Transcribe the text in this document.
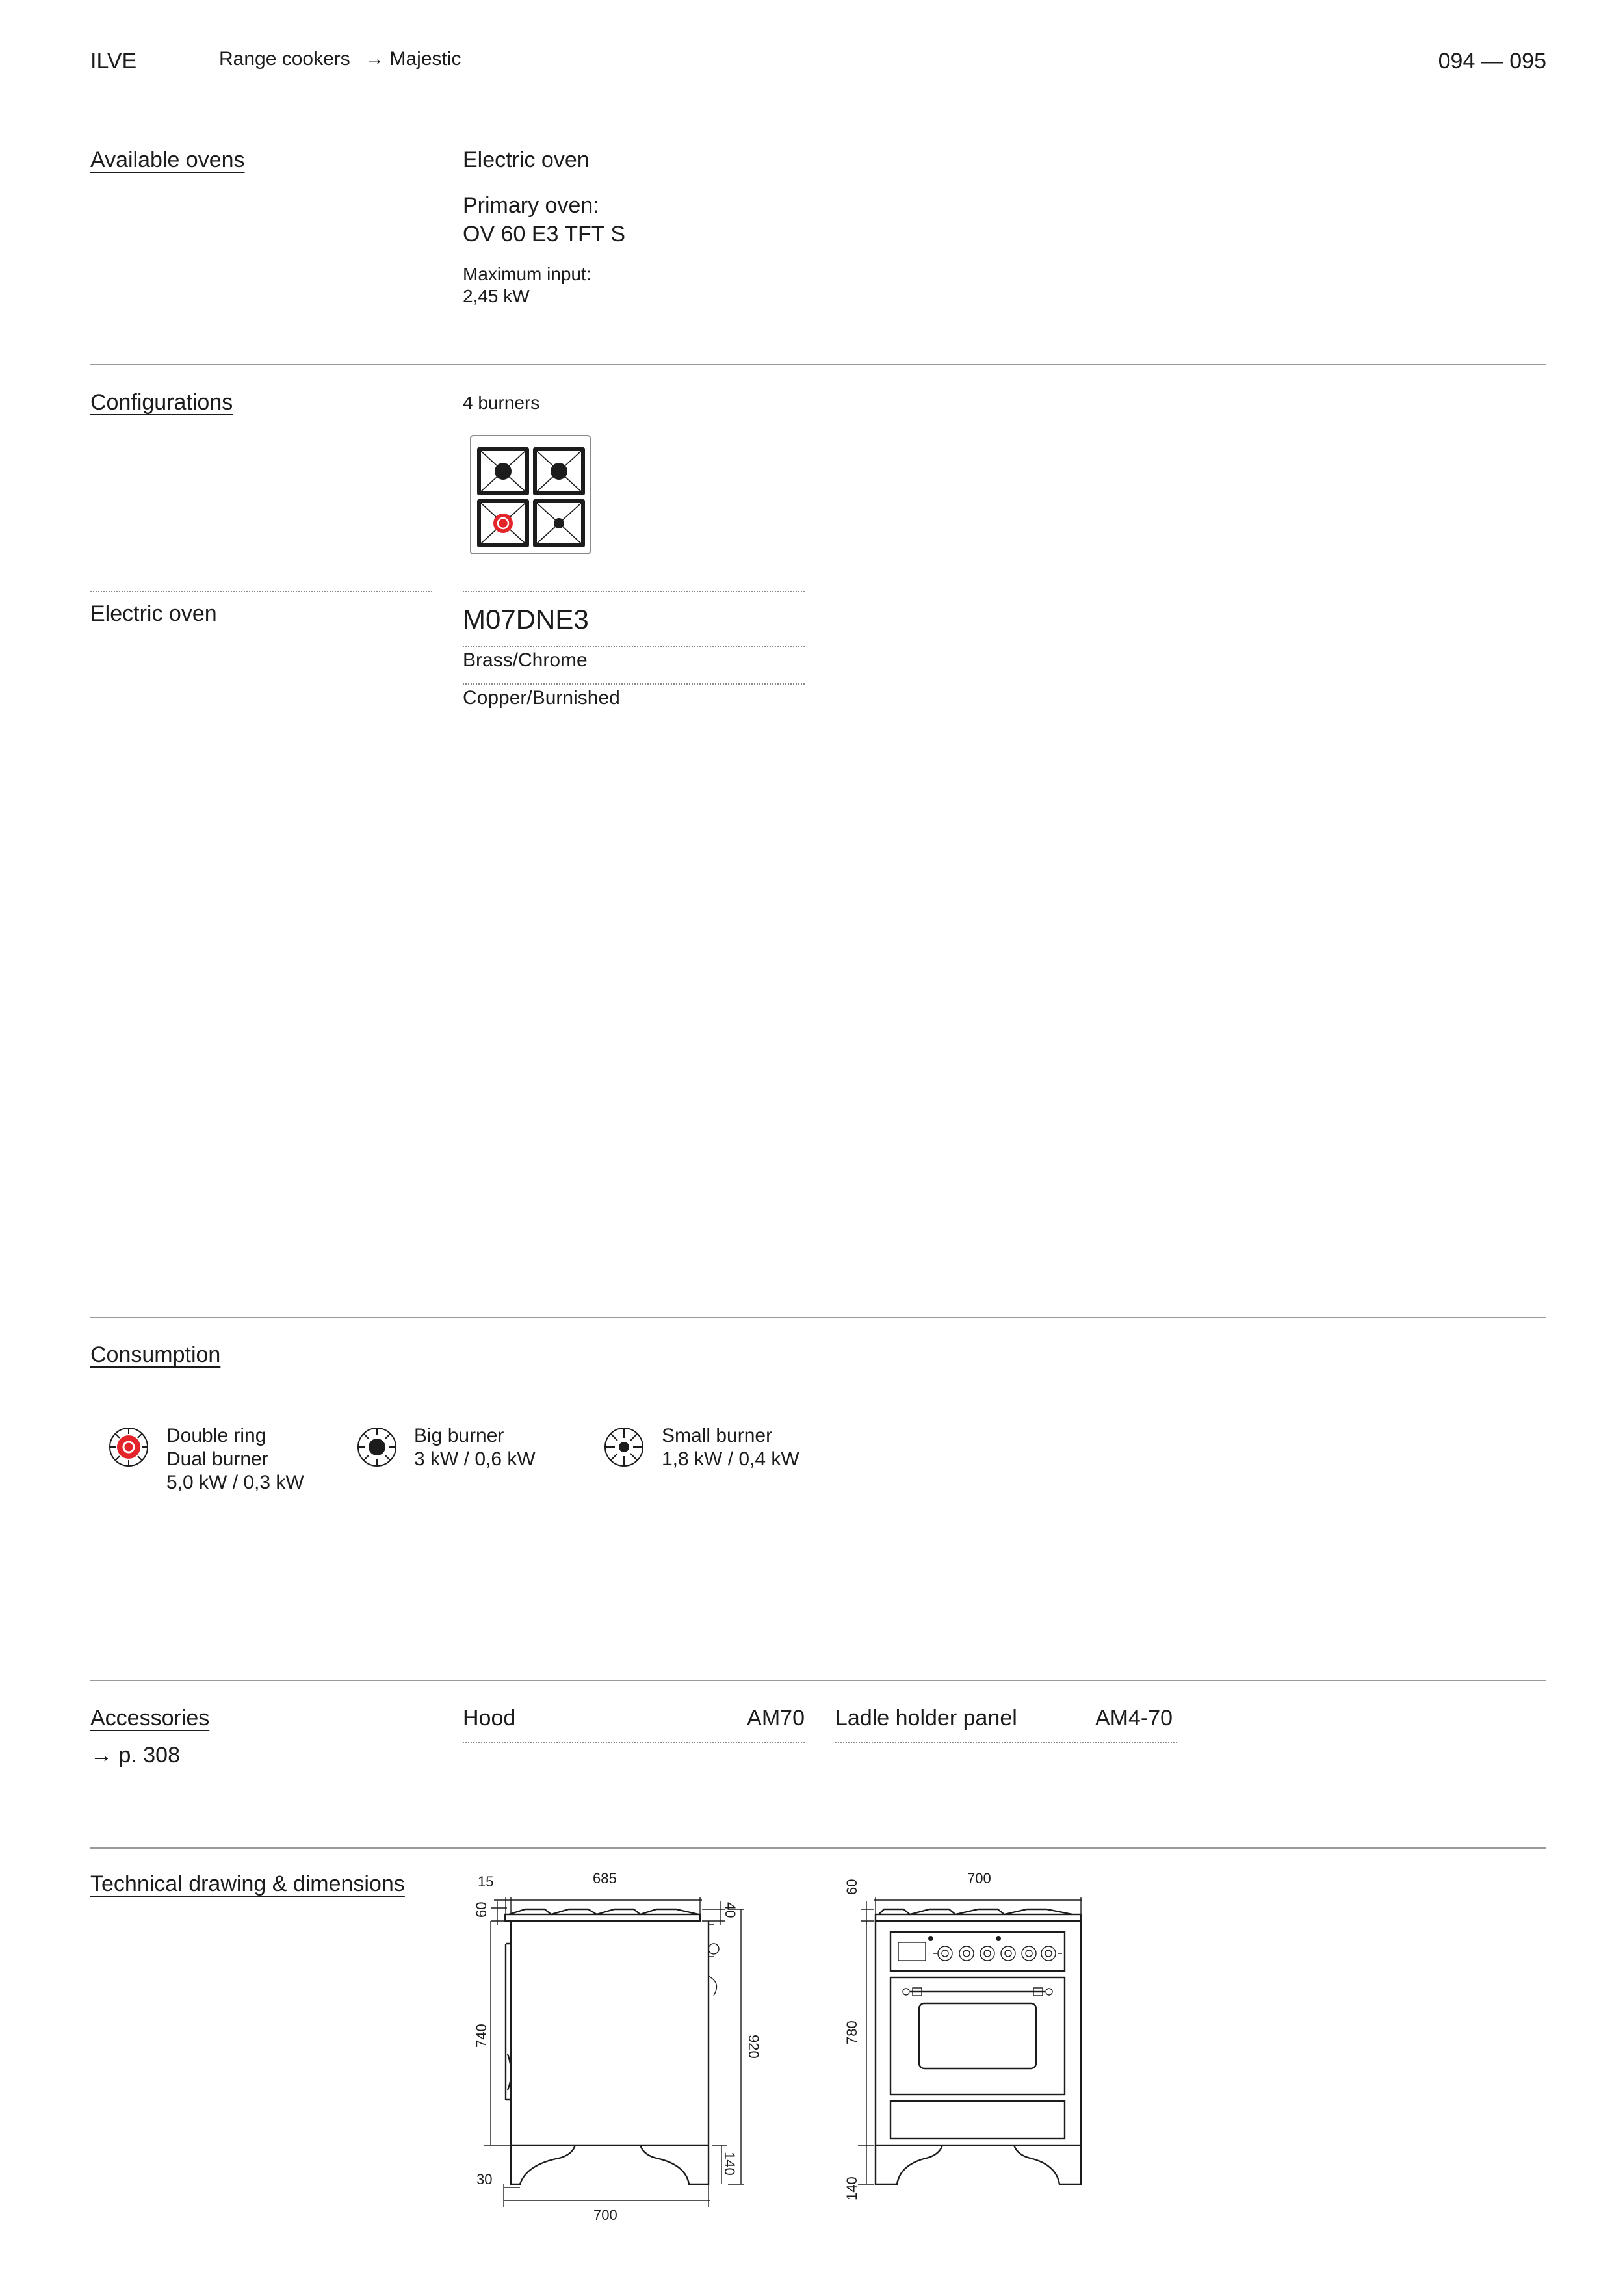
ILVE	Range cookers → Majestic	094 — 095
Available ovens	Electric oven
Primary oven:
OV 60 E3 TFT S
Maximum input:
2,45 kW
Configurations	4 burners
Electric oven	M07DNE3
Brass/Chrome
Copper/Burnished
Consumption
Double ring
Dual burner
5,0 kW / 0,3 kW
Big burner
3 kW / 0,6 kW
Small burner
1,8 kW / 0,4 kW
Accessories
→ p. 308
Hood	AM70 Ladle holder panel	AM4-70
Technical drawing & dimensions	15	685
60	40
740	920
140
30
700
60
700
780
140
